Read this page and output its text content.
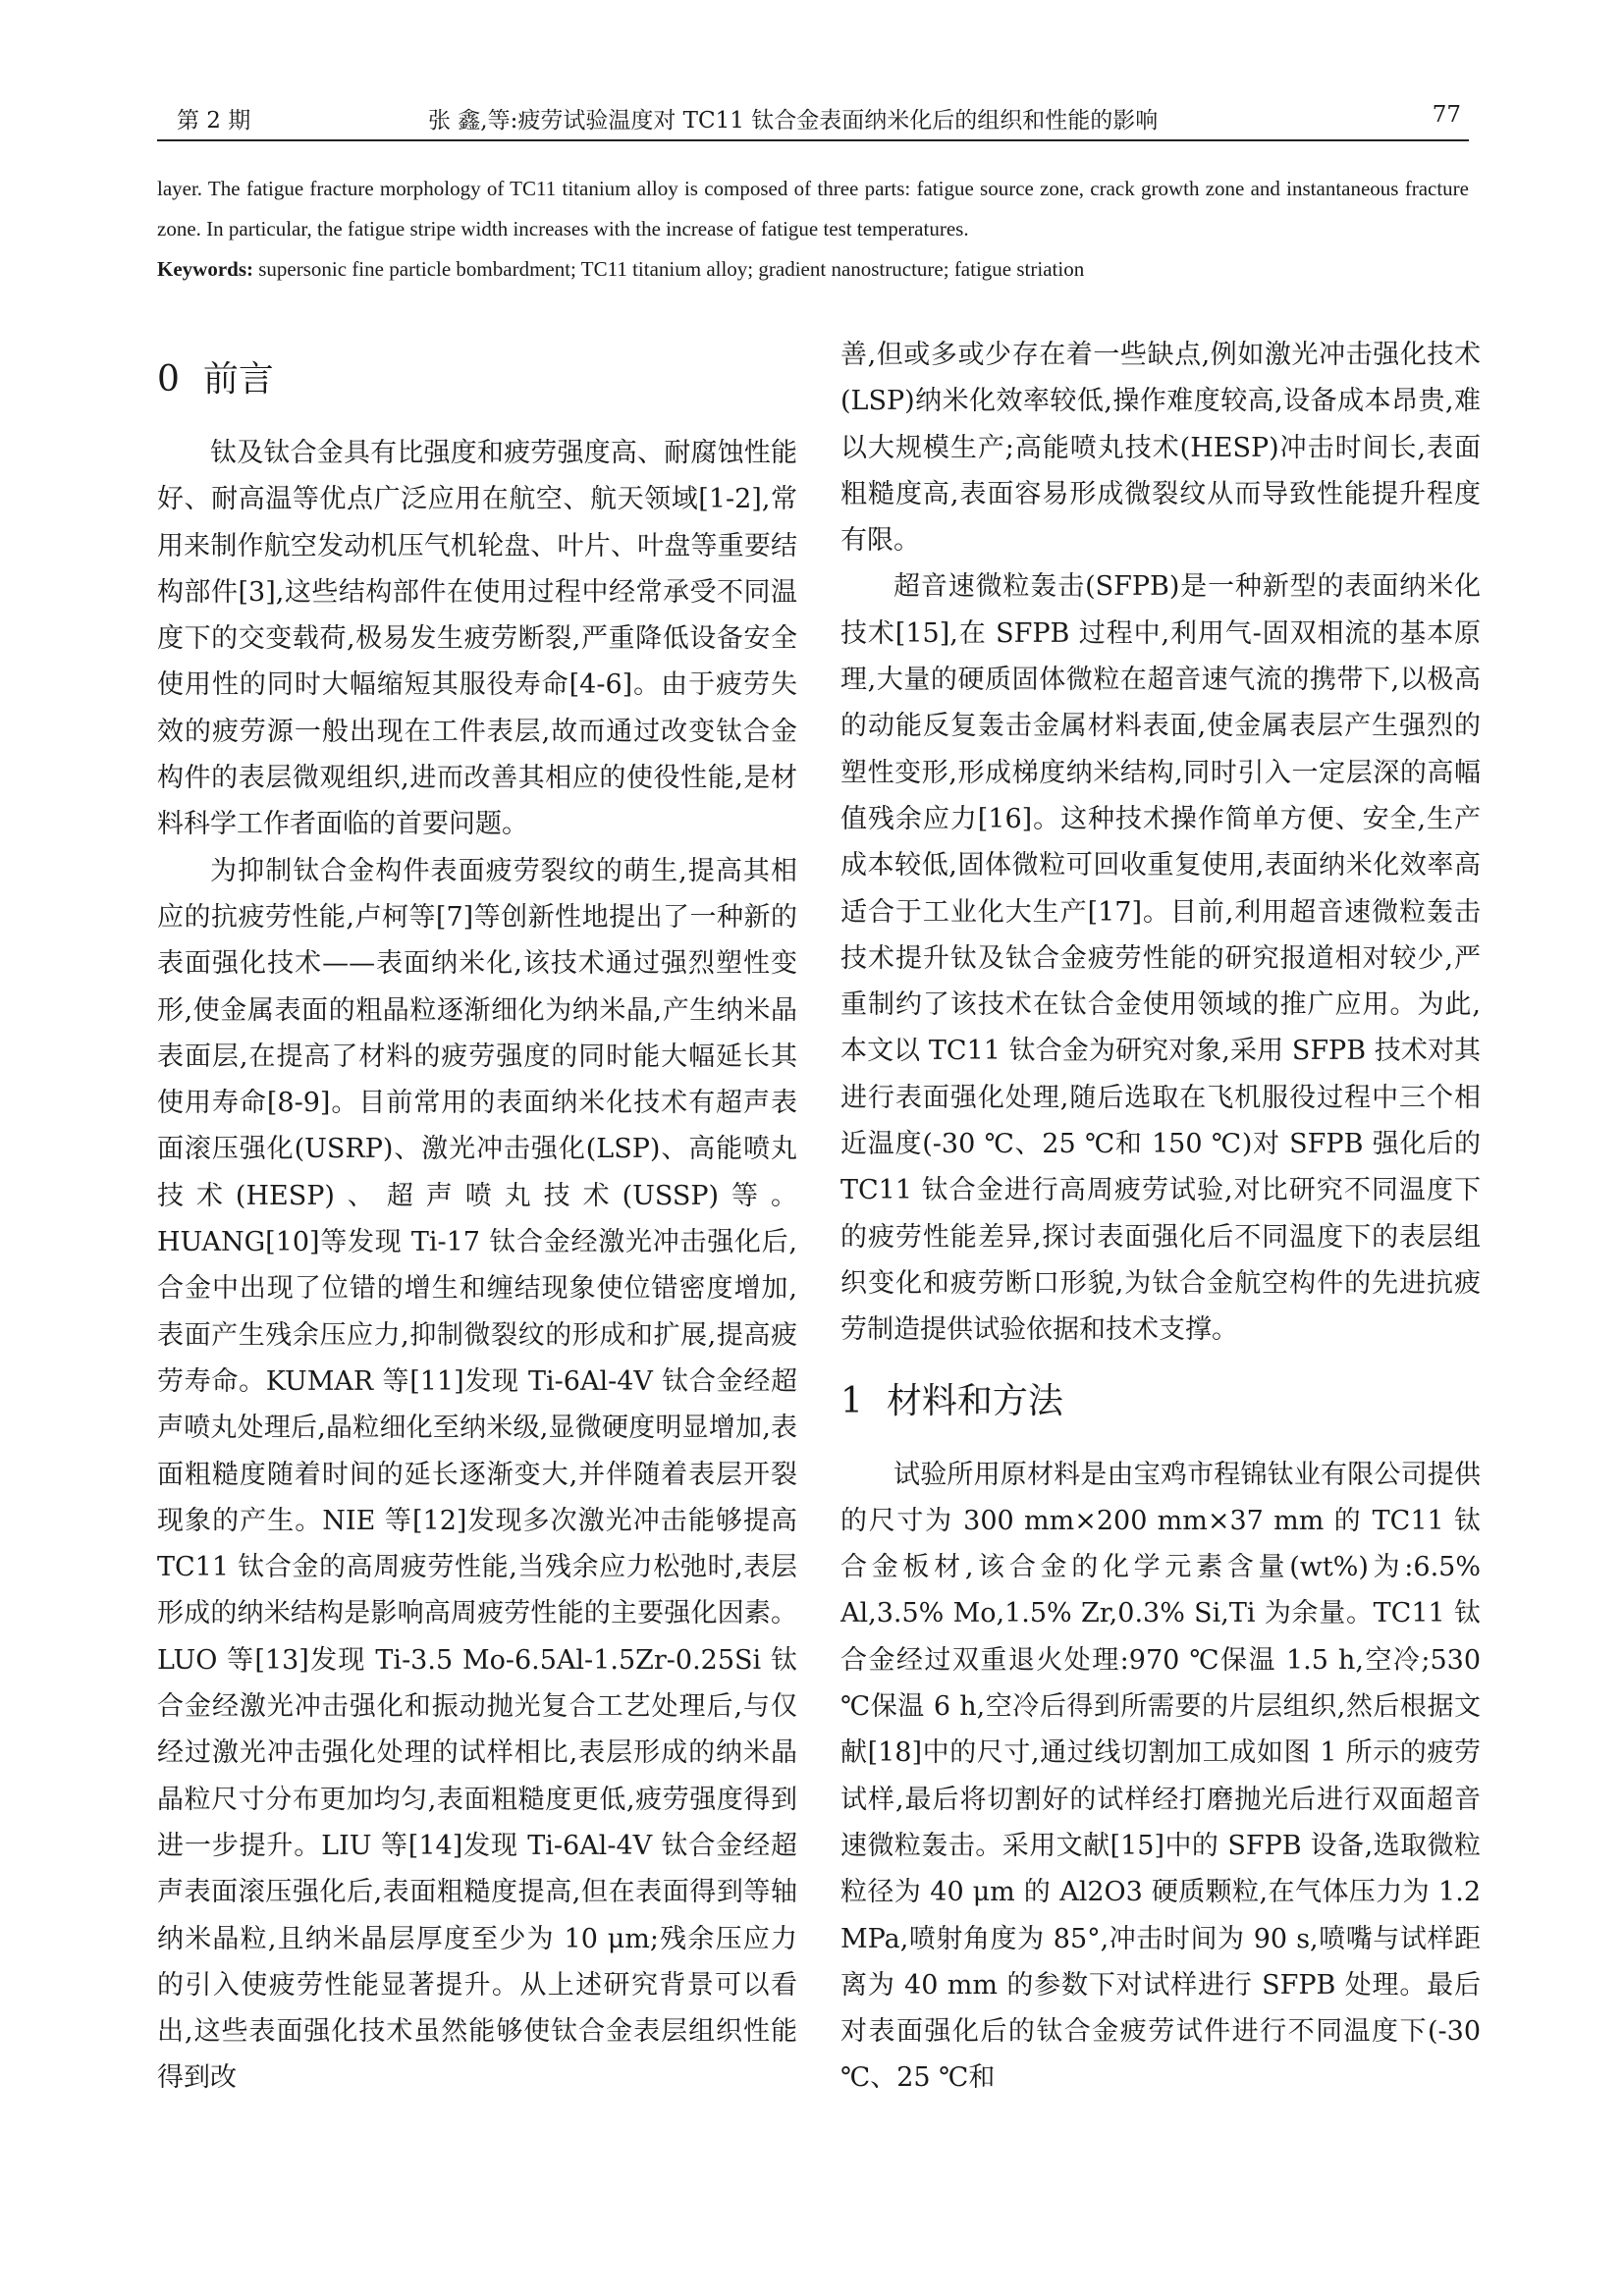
第 2 期	张 鑫,等:疲劳试验温度对 TC11 钛合金表面纳米化后的组织和性能的影响	77

layer. The fatigue fracture morphology of TC11 titanium alloy is composed of three parts: fatigue source zone, crack growth zone and instantaneous fracture zone. In particular, the fatigue stripe width increases with the increase of fatigue test temperatures.

Keywords: supersonic fine particle bombardment; TC11 titanium alloy; gradient nanostructure; fatigue striation

0 前言

钛及钛合金具有比强度和疲劳强度高、耐腐蚀性能好、耐高温等优点广泛应用在航空、航天领域[1-2],常用来制作航空发动机压气机轮盘、叶片、叶盘等重要结构部件[3],这些结构部件在使用过程中经常承受不同温度下的交变载荷,极易发生疲劳断裂,严重降低设备安全使用性的同时大幅缩短其服役寿命[4-6]。由于疲劳失效的疲劳源一般出现在工件表层,故而通过改变钛合金构件的表层微观组织,进而改善其相应的使役性能,是材料科学工作者面临的首要问题。

为抑制钛合金构件表面疲劳裂纹的萌生,提高其相应的抗疲劳性能,卢柯等[7]等创新性地提出了一种新的表面强化技术——表面纳米化,该技术通过强烈塑性变形,使金属表面的粗晶粒逐渐细化为纳米晶,产生纳米晶表面层,在提高了材料的疲劳强度的同时能大幅延长其使用寿命[8-9]。目前常用的表面纳米化技术有超声表面滚压强化(USRP)、激光冲击强化(LSP)、高能喷丸技术(HESP)、超声喷丸技术(USSP)等。HUANG[10]等发现 Ti-17 钛合金经激光冲击强化后,合金中出现了位错的增生和缠结现象使位错密度增加,表面产生残余压应力,抑制微裂纹的形成和扩展,提高疲劳寿命。KUMAR 等[11]发现 Ti-6Al-4V 钛合金经超声喷丸处理后,晶粒细化至纳米级,显微硬度明显增加,表面粗糙度随着时间的延长逐渐变大,并伴随着表层开裂现象的产生。NIE 等[12]发现多次激光冲击能够提高 TC11 钛合金的高周疲劳性能,当残余应力松弛时,表层形成的纳米结构是影响高周疲劳性能的主要强化因素。LUO 等[13]发现 Ti-3.5 Mo-6.5Al-1.5Zr-0.25Si 钛合金经激光冲击强化和振动抛光复合工艺处理后,与仅经过激光冲击强化处理的试样相比,表层形成的纳米晶晶粒尺寸分布更加均匀,表面粗糙度更低,疲劳强度得到进一步提升。LIU 等[14]发现 Ti-6Al-4V 钛合金经超声表面滚压强化后,表面粗糙度提高,但在表面得到等轴纳米晶粒,且纳米晶层厚度至少为 10 μm;残余压应力的引入使疲劳性能显著提升。从上述研究背景可以看出,这些表面强化技术虽然能够使钛合金表层组织性能得到改

善,但或多或少存在着一些缺点,例如激光冲击强化技术(LSP)纳米化效率较低,操作难度较高,设备成本昂贵,难以大规模生产;高能喷丸技术(HESP)冲击时间长,表面粗糙度高,表面容易形成微裂纹从而导致性能提升程度有限。

超音速微粒轰击(SFPB)是一种新型的表面纳米化技术[15],在 SFPB 过程中,利用气-固双相流的基本原理,大量的硬质固体微粒在超音速气流的携带下,以极高的动能反复轰击金属材料表面,使金属表层产生强烈的塑性变形,形成梯度纳米结构,同时引入一定层深的高幅值残余应力[16]。这种技术操作简单方便、安全,生产成本较低,固体微粒可回收重复使用,表面纳米化效率高适合于工业化大生产[17]。目前,利用超音速微粒轰击技术提升钛及钛合金疲劳性能的研究报道相对较少,严重制约了该技术在钛合金使用领域的推广应用。为此,本文以 TC11 钛合金为研究对象,采用 SFPB 技术对其进行表面强化处理,随后选取在飞机服役过程中三个相近温度(-30 ℃、25 ℃和 150 ℃)对 SFPB 强化后的 TC11 钛合金进行高周疲劳试验,对比研究不同温度下的疲劳性能差异,探讨表面强化后不同温度下的表层组织变化和疲劳断口形貌,为钛合金航空构件的先进抗疲劳制造提供试验依据和技术支撑。

1 材料和方法

试验所用原材料是由宝鸡市程锦钛业有限公司提供的尺寸为 300 mm×200 mm×37 mm 的 TC11 钛合金板材,该合金的化学元素含量(wt%)为:6.5% Al,3.5% Mo,1.5% Zr,0.3% Si,Ti 为余量。TC11 钛合金经过双重退火处理:970 ℃保温 1.5 h,空冷;530 ℃保温 6 h,空冷后得到所需要的片层组织,然后根据文献[18]中的尺寸,通过线切割加工成如图 1 所示的疲劳试样,最后将切割好的试样经打磨抛光后进行双面超音速微粒轰击。采用文献[15]中的 SFPB 设备,选取微粒粒径为 40 μm 的 Al2O3 硬质颗粒,在气体压力为 1.2 MPa,喷射角度为 85°,冲击时间为 90 s,喷嘴与试样距离为 40 mm 的参数下对试样进行 SFPB 处理。最后对表面强化后的钛合金疲劳试件进行不同温度下(-30 ℃、25 ℃和
